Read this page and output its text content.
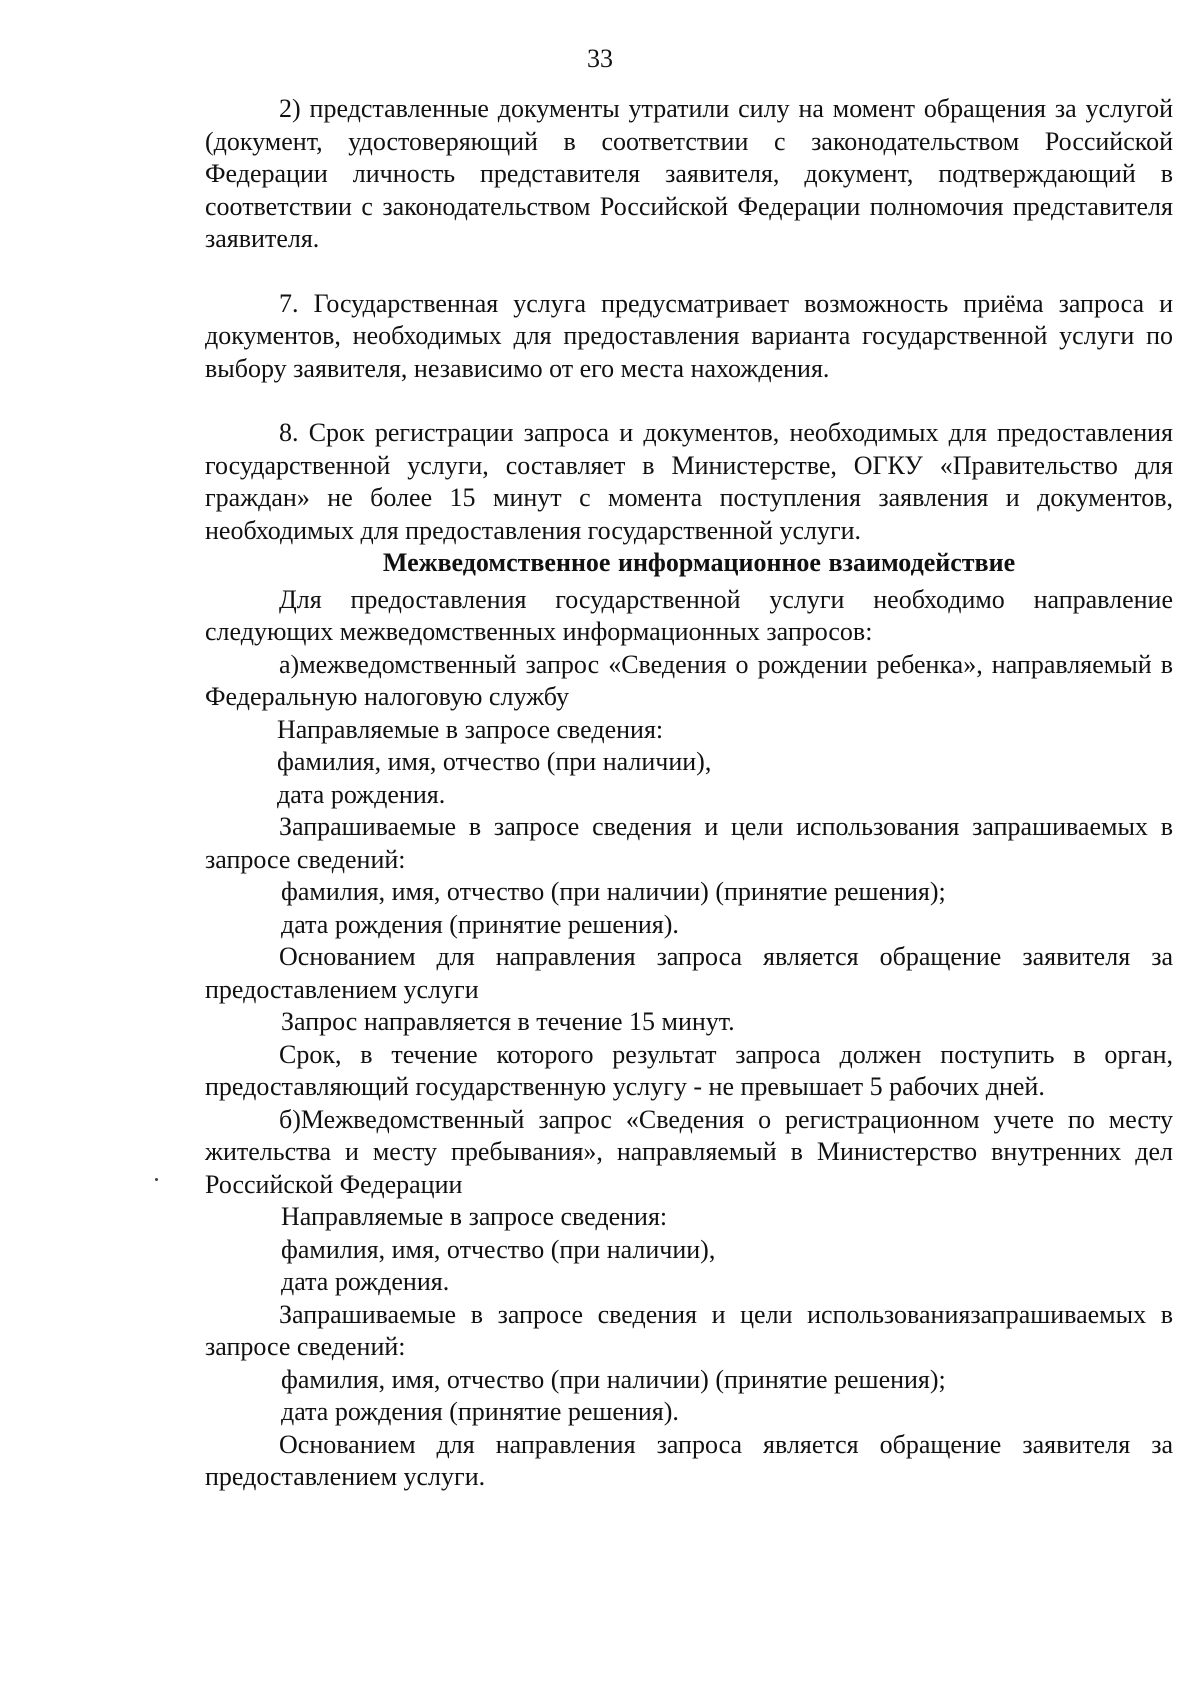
33

2) представленные документы утратили силу на момент обращения за услугой (документ, удостоверяющий в соответствии с законодательством Российской Федерации личность представителя заявителя, документ, подтверждающий в соответствии с законодательством Российской Федерации полномочия представителя заявителя.

7. Государственная услуга предусматривает возможность приёма запроса и документов, необходимых для предоставления варианта государственной услуги по выбору заявителя, независимо от его места нахождения.

8. Срок регистрации запроса и документов, необходимых для предоставления государственной услуги, составляет в Министерстве, ОГКУ «Правительство для граждан» не более 15 минут с момента поступления заявления и документов, необходимых для предоставления государственной услуги.

Межведомственное информационное взаимодействие

Для предоставления государственной услуги необходимо направление следующих межведомственных информационных запросов:

а)межведомственный запрос «Сведения о рождении ребенка», направляемый в Федеральную налоговую службу

Направляемые в запросе сведения:

фамилия, имя, отчество (при наличии),

дата рождения.

Запрашиваемые в запросе сведения и цели использования запрашиваемых в запросе сведений:

фамилия, имя, отчество (при наличии) (принятие решения);

дата рождения (принятие решения).

Основанием для направления запроса является обращение заявителя за предоставлением услуги

Запрос направляется в течение 15 минут.

Срок, в течение которого результат запроса должен поступить в орган, предоставляющий государственную услугу - не превышает 5 рабочих дней.

б)Межведомственный запрос «Сведения о регистрационном учете по месту жительства и месту пребывания», направляемый в Министерство внутренних дел Российской Федерации

Направляемые в запросе сведения:

фамилия, имя, отчество (при наличии),

дата рождения.

Запрашиваемые в запросе сведения и цели использованиязапрашиваемых в запросе сведений:

фамилия, имя, отчество (при наличии) (принятие решения);

дата рождения (принятие решения).

Основанием для направления запроса является обращение заявителя за предоставлением услуги.
